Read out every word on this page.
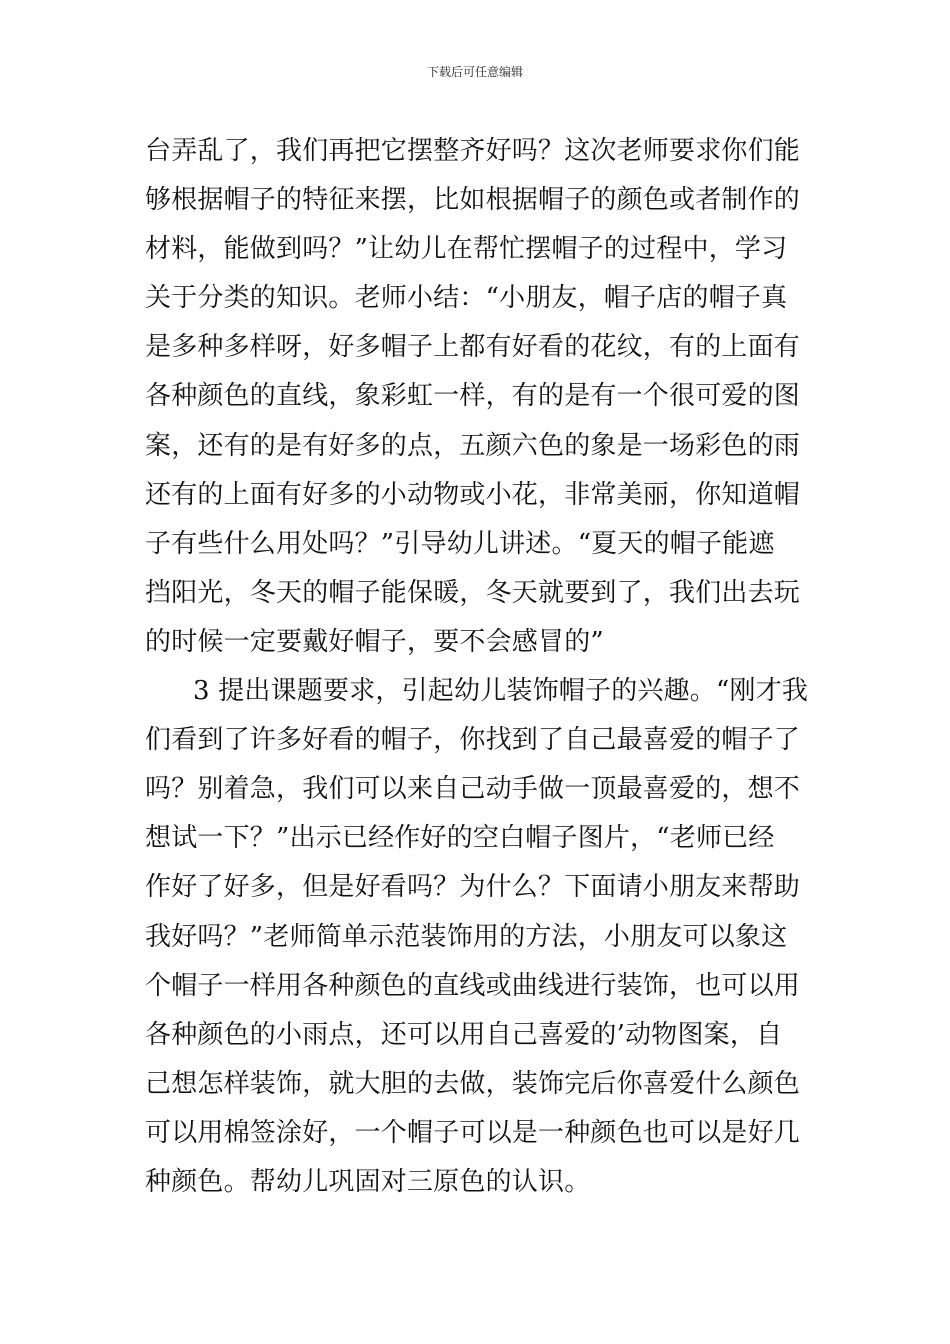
下载后可任意编辑
台弄乱了，我们再把它摆整齐好吗？这次老师要求你们能
够根据帽子的特征来摆，比如根据帽子的颜色或者制作的
材料，能做到吗？”让幼儿在帮忙摆帽子的过程中，学习
关于分类的知识。老师小结：“小朋友，帽子店的帽子真
是多种多样呀，好多帽子上都有好看的花纹，有的上面有
各种颜色的直线，象彩虹一样，有的是有一个很可爱的图
案，还有的是有好多的点，五颜六色的象是一场彩色的雨
还有的上面有好多的小动物或小花，非常美丽，你知道帽
子有些什么用处吗？”引导幼儿讲述。“夏天的帽子能遮
挡阳光，冬天的帽子能保暖，冬天就要到了，我们出去玩
的时候一定要戴好帽子，要不会感冒的”
3 提出课题要求，引起幼儿装饰帽子的兴趣。“刚才我
们看到了许多好看的帽子，你找到了自己最喜爱的帽子了
吗？别着急，我们可以来自己动手做一顶最喜爱的，想不
想试一下？”出示已经作好的空白帽子图片，“老师已经
作好了好多，但是好看吗？为什么？下面请小朋友来帮助
我好吗？”老师简单示范装饰用的方法，小朋友可以象这
个帽子一样用各种颜色的直线或曲线进行装饰，也可以用
各种颜色的小雨点，还可以用自己喜爱的’动物图案，自
己想怎样装饰，就大胆的去做，装饰完后你喜爱什么颜色
可以用棉签涂好，一个帽子可以是一种颜色也可以是好几
种颜色。帮幼儿巩固对三原色的认识。
